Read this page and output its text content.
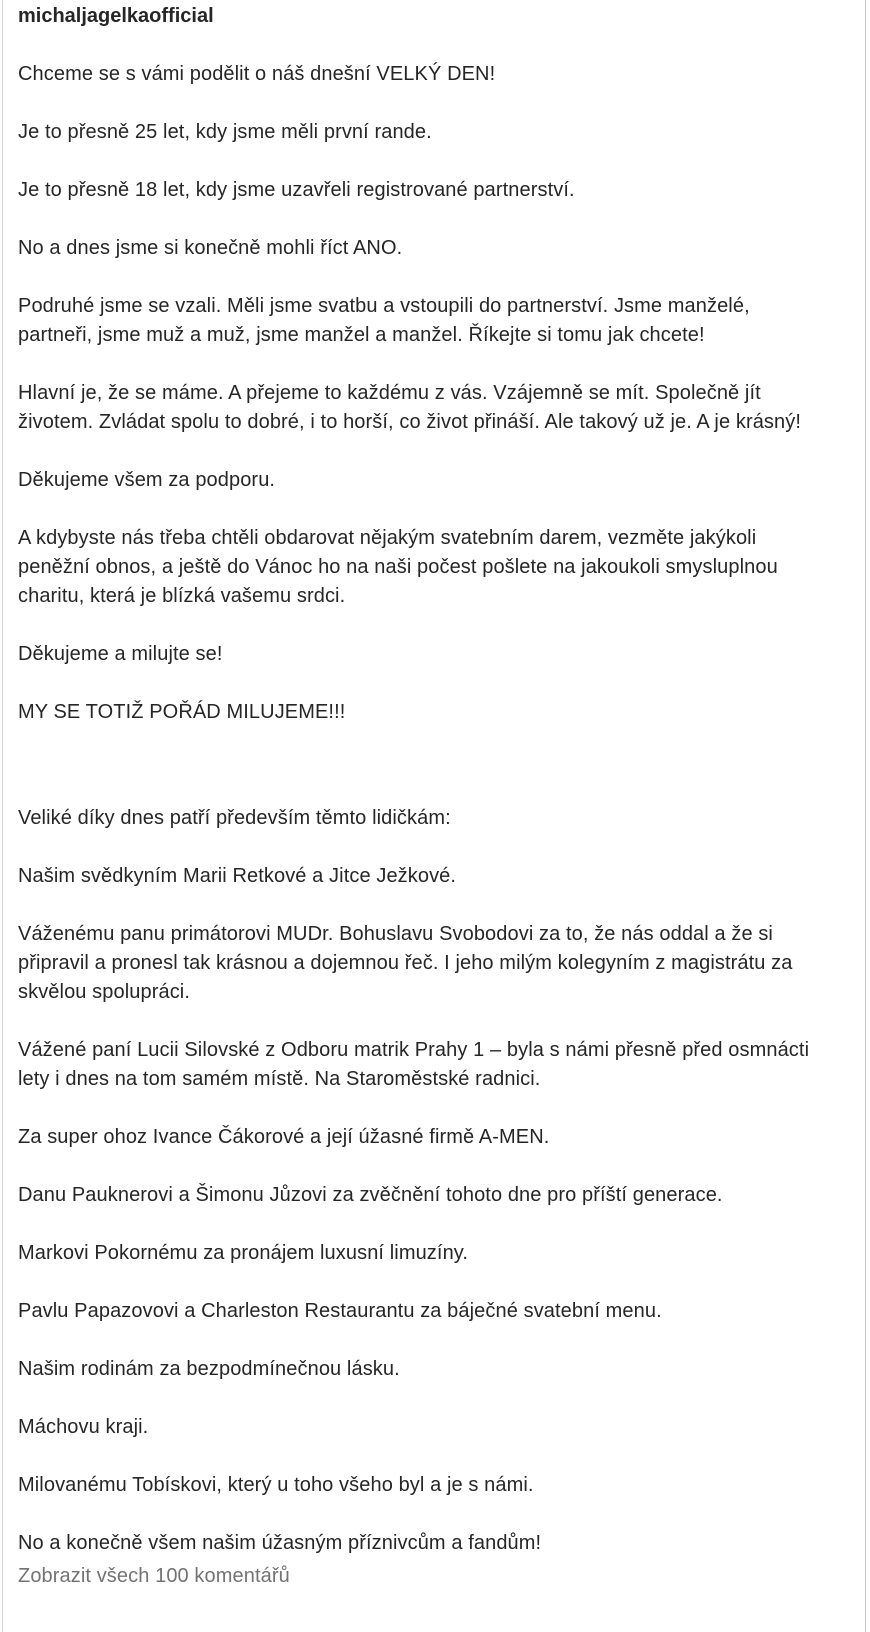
michaljagelkaofficial

Chceme se s vámi podělit o náš dnešní VELKÝ DEN!

Je to přesně 25 let, kdy jsme měli první rande.

Je to přesně 18 let, kdy jsme uzavřeli registrované partnerství.

No a dnes jsme si konečně mohli říct ANO.

Podruhé jsme se vzali. Měli jsme svatbu a vstoupili do partnerství. Jsme manželé, partneři, jsme muž a muž, jsme manžel a manžel. Říkejte si tomu jak chcete!

Hlavní je, že se máme. A přejeme to každému z vás. Vzájemně se mít. Společně jít životem. Zvládat spolu to dobré, i to horší, co život přináší. Ale takový už je. A je krásný!

Děkujeme všem za podporu.

A kdybyste nás třeba chtěli obdarovat nějakým svatebním darem, vezměte jakýkoli peněžní obnos, a ještě do Vánoc ho na naši počest pošlete na jakoukoli smysluplnou charitu, která je blízká vašemu srdci.

Děkujeme a milujte se!

MY SE TOTIŽ POŘÁD MILUJEME!!!

Veliké díky dnes patří především těmto lidičkám:

Našim svědkyním Marii Retkové a Jitce Ježkové.

Váženému panu primátorovi MUDr. Bohuslavu Svobodovi za to, že nás oddal a že si připravil a pronesl tak krásnou a dojemnou řeč. I jeho milým kolegyním z magistrátu za skvělou spolupráci.

Vážené paní Lucii Silovské z Odboru matrik Prahy 1 – byla s námi přesně před osmnácti lety i dnes na tom samém místě. Na Staroměstské radnici.

Za super ohoz Ivance Čákorové a její úžasné firmě A-MEN.

Danu Pauknerovi a Šimonu Jůzovi za zvěčnění tohoto dne pro příští generace.

Markovi Pokornému za pronájem luxusní limuzíny.

Pavlu Papazovovi a Charleston Restaurantu za báječné svatební menu.

Našim rodinám za bezpodmínečnou lásku.

Máchovu kraji.

Milovanému Tobískovi, který u toho všeho byl a je s námi.

No a konečně všem našim úžasným příznivcům a fandům!

Zobrazit všech 100 komentářů
